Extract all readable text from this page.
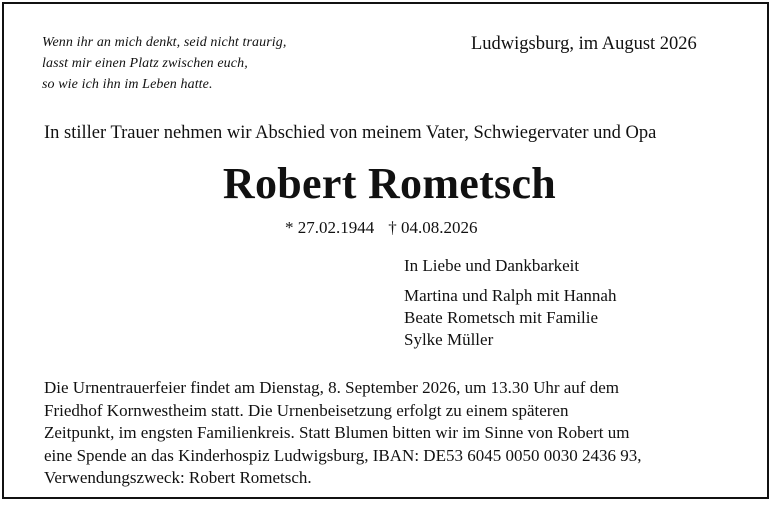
Wenn ihr an mich denkt, seid nicht traurig,
lasst mir einen Platz zwischen euch,
so wie ich ihn im Leben hatte.
Ludwigsburg, im August 2026
In stiller Trauer nehmen wir Abschied von meinem Vater, Schwiegervater und Opa
Robert Rometsch
* 27.02.1944 † 04.08.2026
In Liebe und Dankbarkeit
Martina und Ralph mit Hannah
Beate Rometsch mit Familie
Sylke Müller
Die Urnentrauerfeier findet am Dienstag, 8. September 2026, um 13.30 Uhr auf dem
Friedhof Kornwestheim statt. Die Urnenbeisetzung erfolgt zu einem späteren
Zeitpunkt, im engsten Familienkreis. Statt Blumen bitten wir im Sinne von Robert um
eine Spende an das Kinderhospiz Ludwigsburg, IBAN: DE53 6045 0050 0030 2436 93,
Verwendungszweck: Robert Rometsch.
